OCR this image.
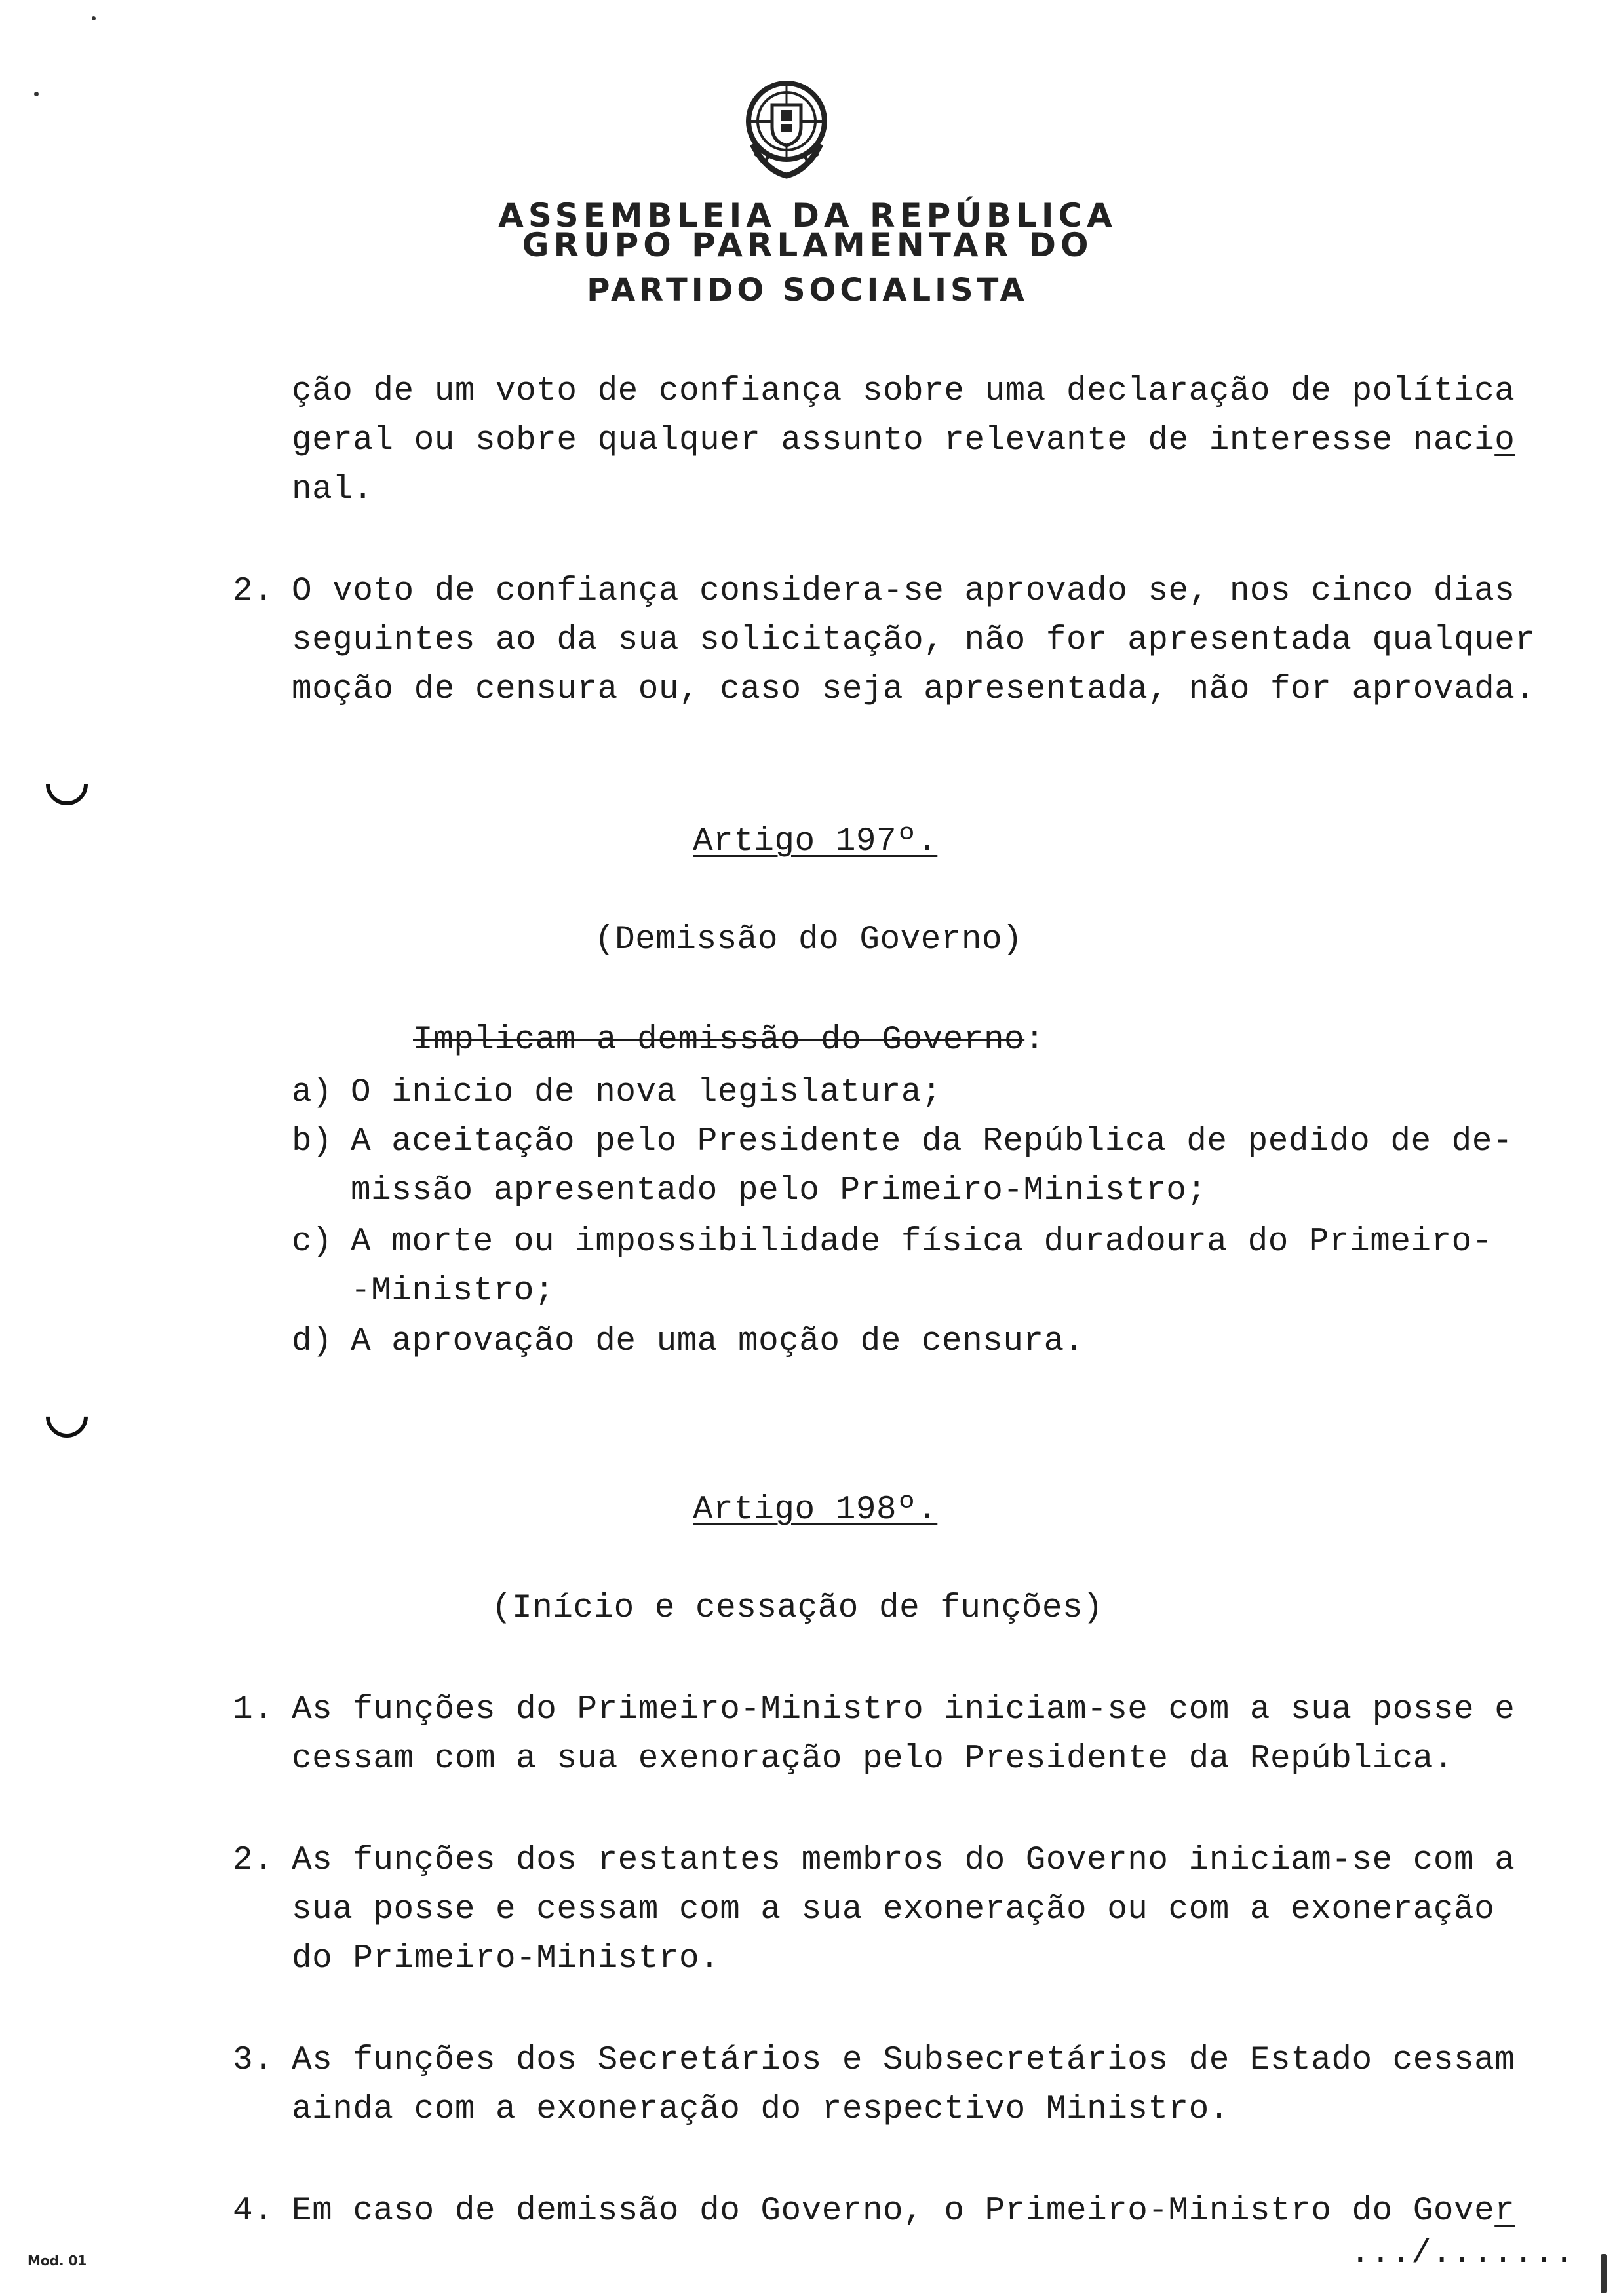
ASSEMBLEIA DA REPÚBLICA
GRUPO PARLAMENTAR DO
PARTIDO SOCIALISTA
ção de um voto de confiança sobre uma declaração de política
geral ou sobre qualquer assunto relevante de interesse nacio
nal.
2. O voto de confiança considera-se aprovado se, nos cinco dias
seguintes ao da sua solicitação, não for apresentada qualquer
moção de censura ou, caso seja apresentada, não for aprovada.
Artigo 197º.
(Demissão do Governo)
Implicam a demissão do Governo:
a) O inicio de nova legislatura;
b) A aceitação pelo Presidente da República de pedido de de-
missão apresentado pelo Primeiro-Ministro;
c) A morte ou impossibilidade física duradoura do Primeiro-
-Ministro;
d) A aprovação de uma moção de censura.
Artigo 198º.
(Início e cessação de funções)
1. As funções do Primeiro-Ministro iniciam-se com a sua posse e
cessam com a sua exenoração pelo Presidente da República.
2. As funções dos restantes membros do Governo iniciam-se com a
sua posse e cessam com a sua exoneração ou com a exoneração
do Primeiro-Ministro.
3. As funções dos Secretários e Subsecretários de Estado cessam
ainda com a exoneração do respectivo Ministro.
4. Em caso de demissão do Governo, o Primeiro-Ministro do Gover
.../.......
Mod. 01
